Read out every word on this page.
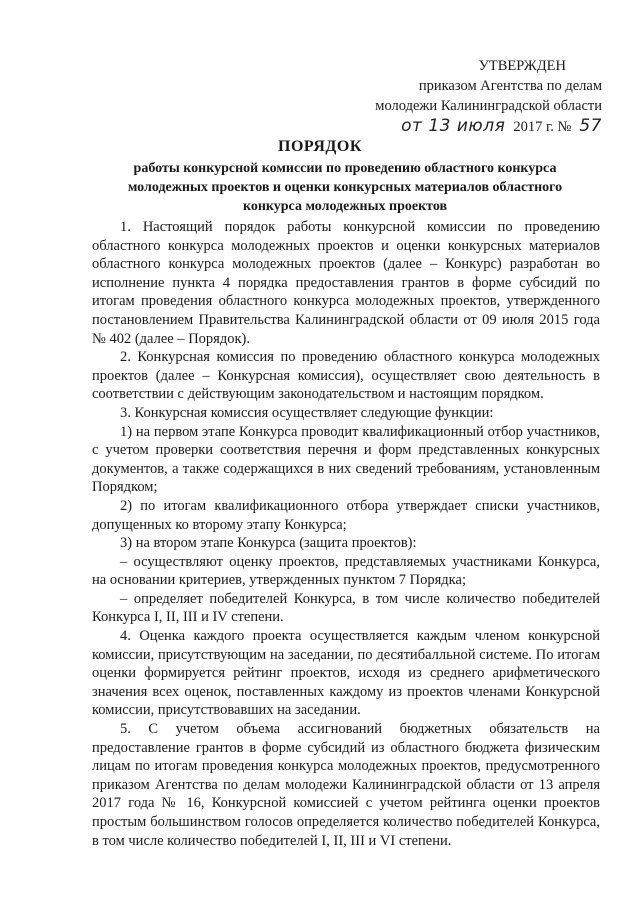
УТВЕРЖДЕН
приказом Агентства по делам
молодежи Калининградской области
от 13 июля 2017 г. № 57
ПОРЯДОК
работы конкурсной комиссии по проведению областного конкурса молодежных проектов и оценки конкурсных материалов областного конкурса молодежных проектов

1. Настоящий порядок работы конкурсной комиссии по проведению областного конкурса молодежных проектов и оценки конкурсных материалов областного конкурса молодежных проектов (далее – Конкурс) разработан во исполнение пункта 4 порядка предоставления грантов в форме субсидий по итогам проведения областного конкурса молодежных проектов, утвержденного постановлением Правительства Калининградской области от 09 июля 2015 года № 402 (далее – Порядок).

2. Конкурсная комиссия по проведению областного конкурса молодежных проектов (далее – Конкурсная комиссия), осуществляет свою деятельность в соответствии с действующим законодательством и настоящим порядком.

3. Конкурсная комиссия осуществляет следующие функции:

1) на первом этапе Конкурса проводит квалификационный отбор участников, с учетом проверки соответствия перечня и форм представленных конкурсных документов, а также содержащихся в них сведений требованиям, установленным Порядком;

2) по итогам квалификационного отбора утверждает списки участников, допущенных ко второму этапу Конкурса;

3) на втором этапе Конкурса (защита проектов):

– осуществляют оценку проектов, представляемых участниками Конкурса, на основании критериев, утвержденных пунктом 7 Порядка;

– определяет победителей Конкурса, в том числе количество победителей Конкурса I, II, III и IV степени.

4. Оценка каждого проекта осуществляется каждым членом конкурсной комиссии, присутствующим на заседании, по десятибалльной системе. По итогам оценки формируется рейтинг проектов, исходя из среднего арифметического значения всех оценок, поставленных каждому из проектов членами Конкурсной комиссии, присутствовавших на заседании.

5. С учетом объема ассигнований бюджетных обязательств на предоставление грантов в форме субсидий из областного бюджета физическим лицам по итогам проведения конкурса молодежных проектов, предусмотренного приказом Агентства по делам молодежи Калининградской области от 13 апреля 2017 года № 16, Конкурсной комиссией с учетом рейтинга оценки проектов простым большинством голосов определяется количество победителей Конкурса, в том числе количество победителей I, II, III и VI степени.
